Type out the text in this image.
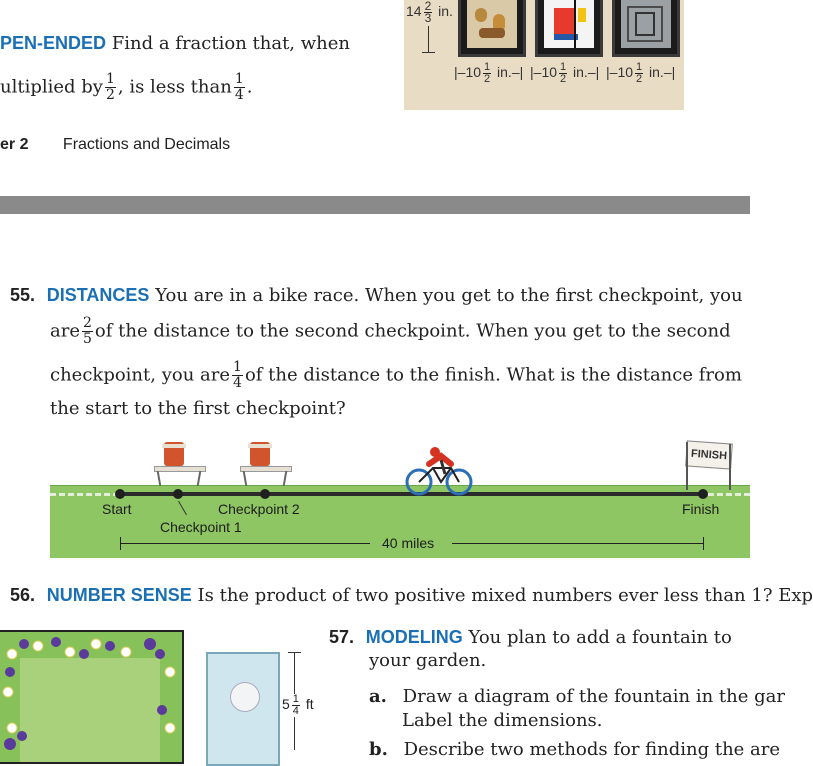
$14 \frac{2}{3}$ in.
$|-10 \frac{1}{2} in.-|$ $|-10 \frac{1}{2} in.-|$ $|-10 \frac{1}{2} in.-|$
PEN-ENDED Find a fraction that, when
ultiplied by $\frac{1}{2}$ , is less than $\frac{1}{4}$ .
er 2 Fractions and Decimals
55. DISTANCES You are in a bike race. When you get to the first checkpoint, you
are $\frac{2}{5}$ of the distance to the second checkpoint. When you get to the second
checkpoint, you are $\frac{1}{4}$ of the distance to the finish. What is the distance from
the start to the first checkpoint?
FINISH
Start
Checkpoint 1
Checkpoint 2	Finish
40 miles
56. NUMBER SENSE Is the product of two positive mixed numbers ever less than 1? Exp
$5 \frac{1}{4}$ ft
57. MODELING You plan to add a fountain to
your garden.
a. Draw a diagram of the fountain in the gar
Label the dimensions.
b. Describe two methods for finding the are
